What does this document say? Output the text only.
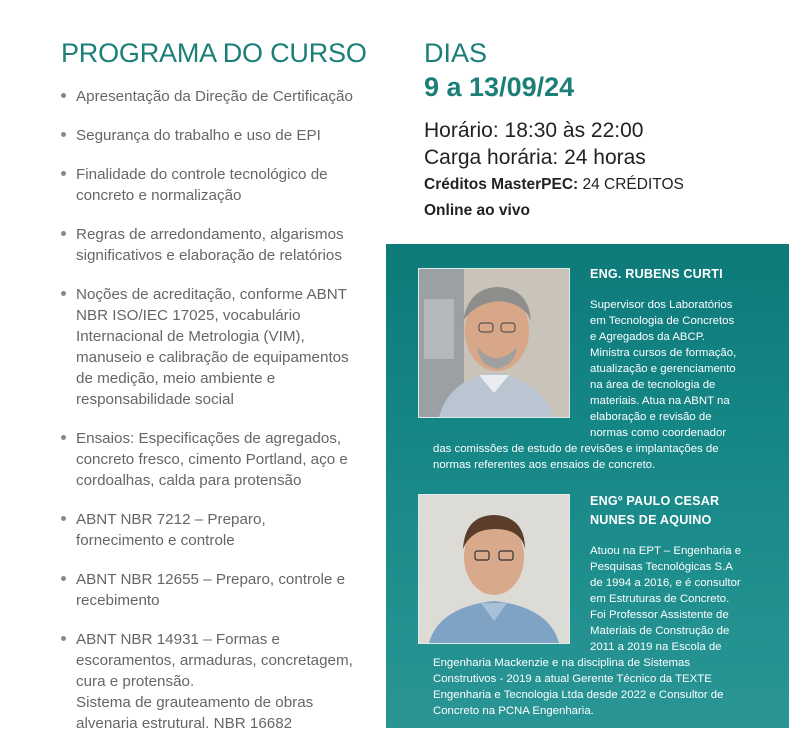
PROGRAMA DO CURSO DIAS
9 a 13/09/24
Horário: 18:30 às 22:00
Carga horária: 24 horas
Créditos MasterPEC: 24 CRÉDITOS
Online ao vivo
Apresentação da Direção de Certificação
Segurança do trabalho e uso de EPI
Finalidade do controle tecnológico de
concreto e normalização
Regras de arredondamento, algarismos
significativos e elaboração de relatórios
Noções de acreditação, conforme ABNT
NBR ISO/IEC 17025, vocabulário
Internacional de Metrologia (VIM),
manuseio e calibração de equipamentos
de medição, meio ambiente e
responsabilidade social
Ensaios: Especificações de agregados,
concreto fresco, cimento Portland, aço e
cordoalhas, calda para protensão
ABNT NBR 7212 – Preparo,
fornecimento e controle
ABNT NBR 12655 – Preparo, controle e
recebimento
ABNT NBR 14931 – Formas e
escoramentos, armaduras, concretagem,
cura e protensão.
Sistema de grauteamento de obras
alvenaria estrutural. NBR 16682
ENG. RUBENS CURTI
Supervisor dos Laboratórios
em Tecnologia de Concretos
e Agregados da ABCP.
Ministra cursos de formação,
atualização e gerenciamento
na área de tecnologia de
materiais. Atua na ABNT na
elaboração e revisão de
normas como coordenador
das comissões de estudo de revisões e implantações de
normas referentes aos ensaios de concreto.
ENGº PAULO CESAR
NUNES DE AQUINO
Atuou na EPT – Engenharia e
Pesquisas Tecnológicas S.A
de 1994 a 2016, e é consultor
em Estruturas de Concreto.
Foi Professor Assistente de
Materiais de Construção de
2011 a 2019 na Escola de
Engenharia Mackenzie e na disciplina de Sistemas
Construtivos - 2019 a atual Gerente Técnico da TEXTE
Engenharia e Tecnologia Ltda desde 2022 e Consultor de
Concreto na PCNA Engenharia.
